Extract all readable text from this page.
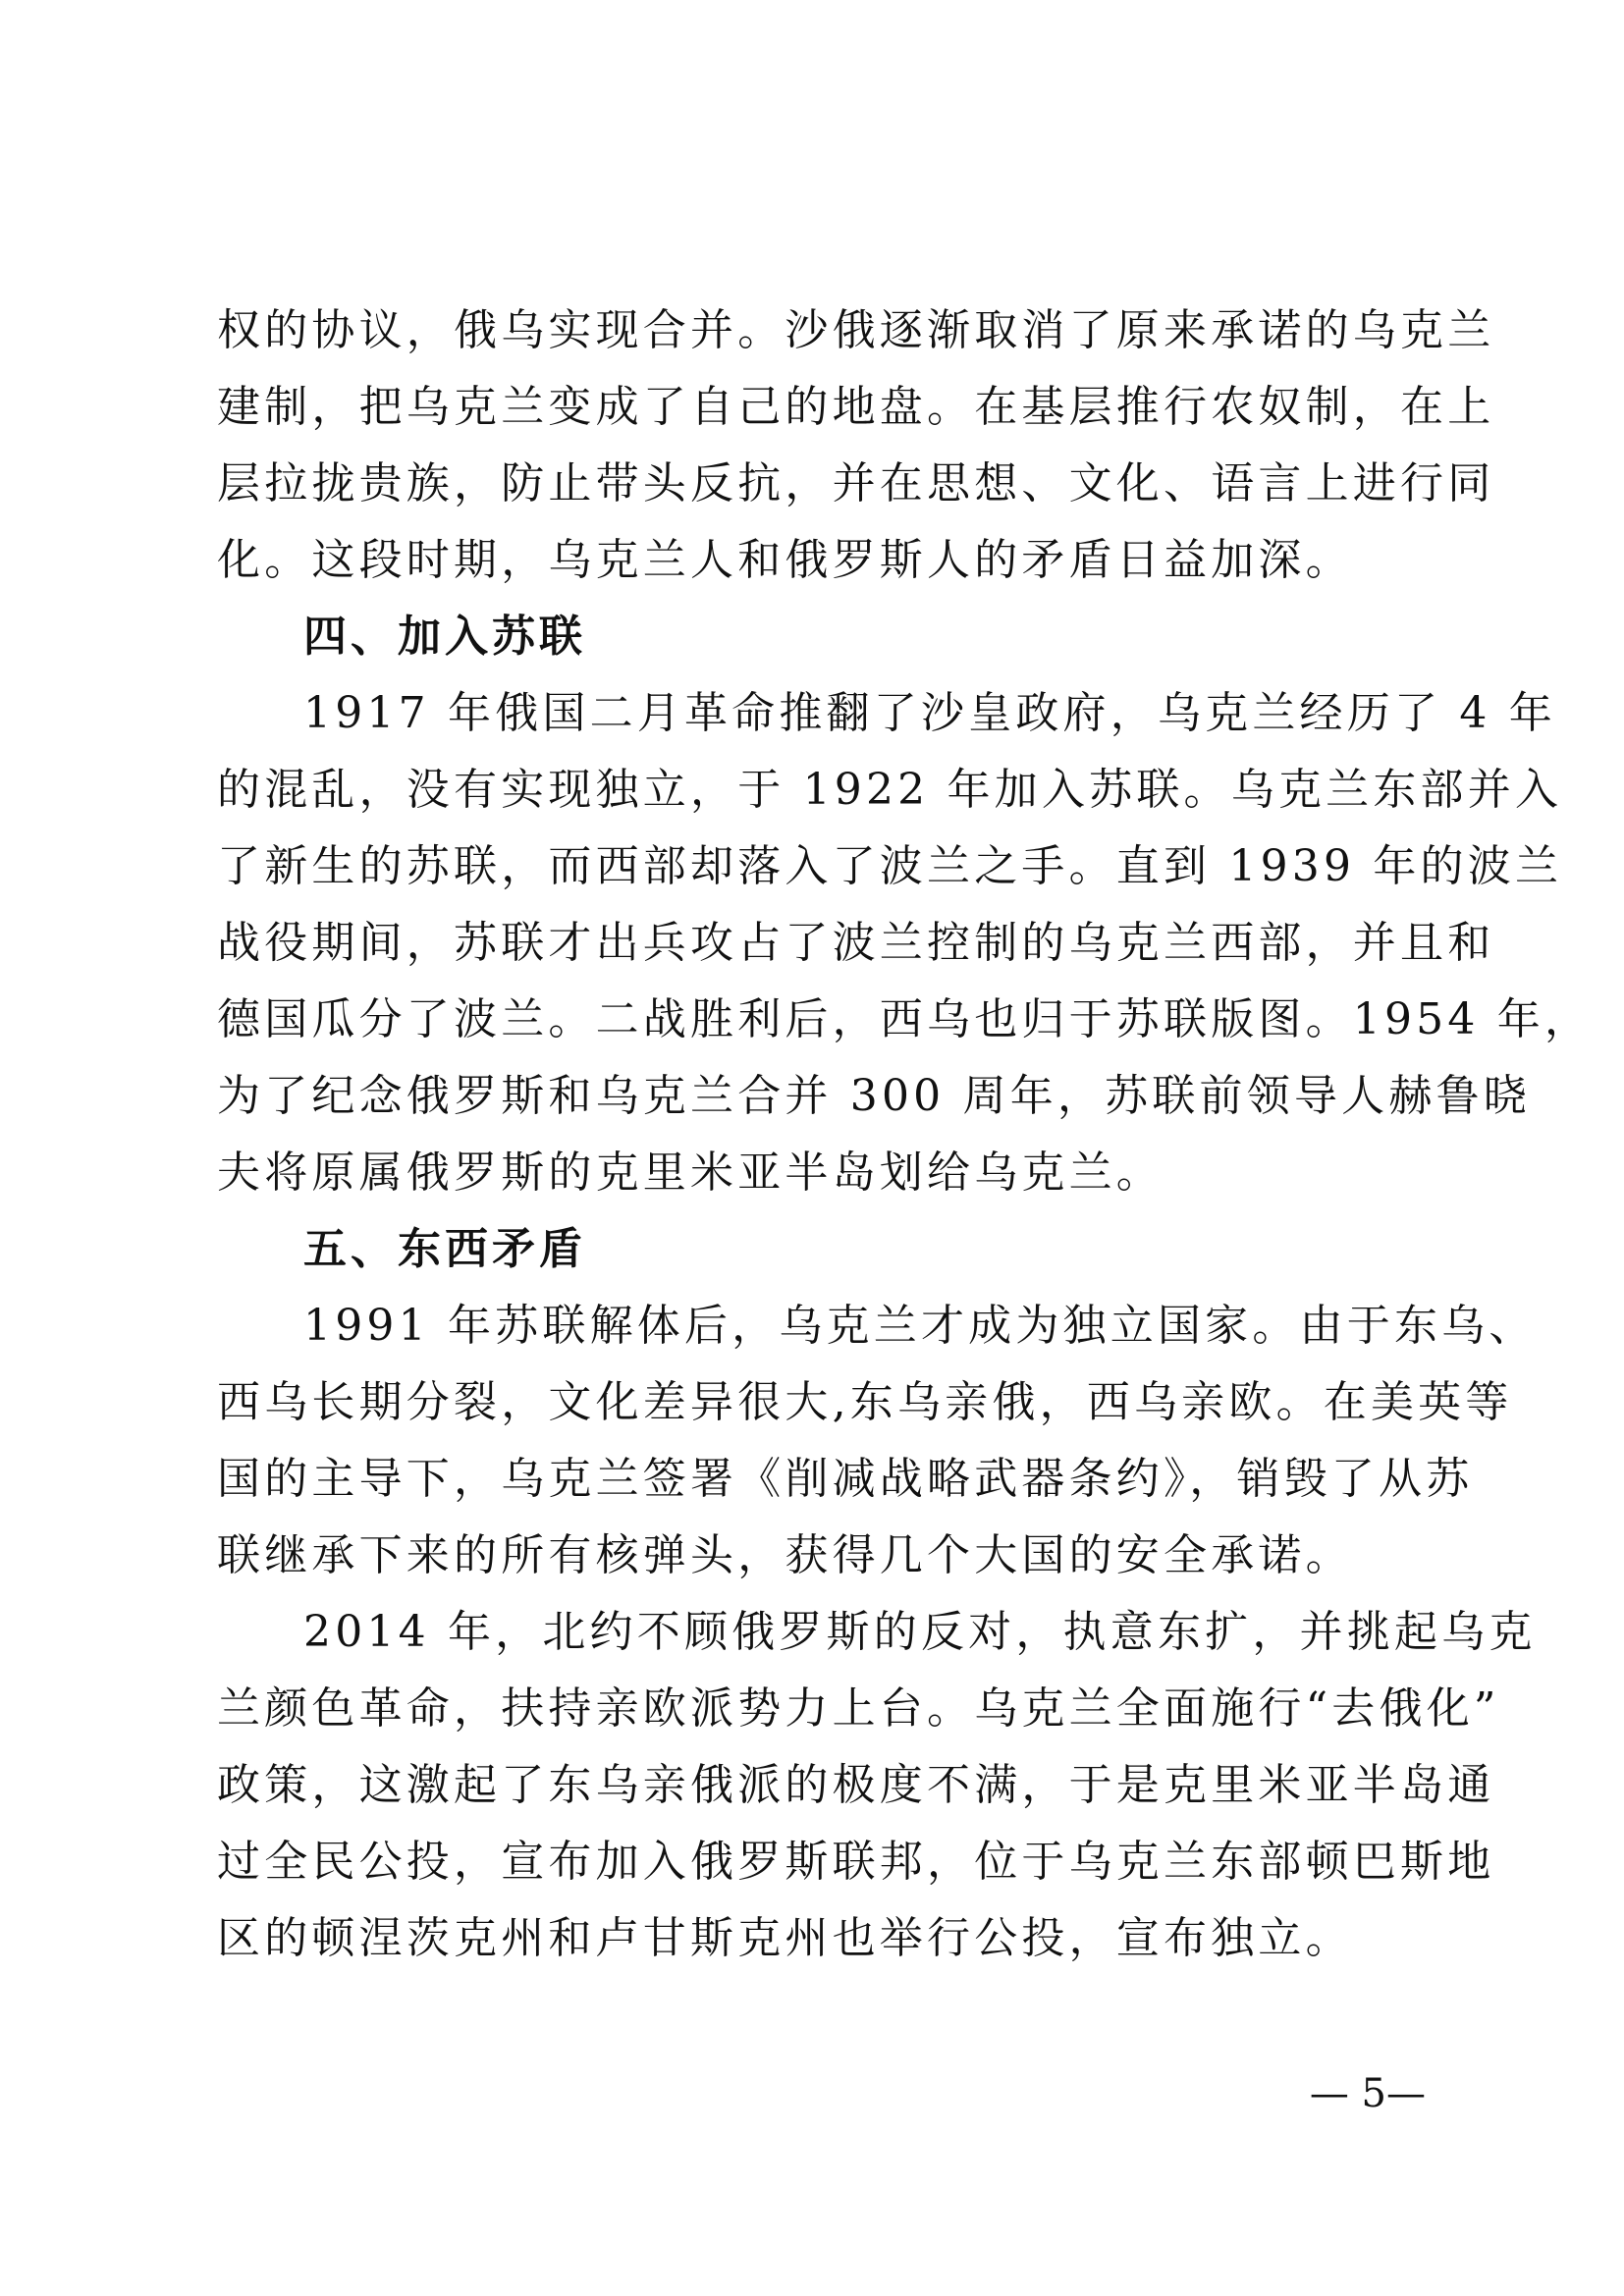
权的协议，俄乌实现合并。沙俄逐渐取消了原来承诺的乌克兰
建制，把乌克兰变成了自己的地盘。在基层推行农奴制，在上
层拉拢贵族，防止带头反抗，并在思想、文化、语言上进行同
化。这段时期，乌克兰人和俄罗斯人的矛盾日益加深。
四、加入苏联
1917 年俄国二月革命推翻了沙皇政府，乌克兰经历了 4 年
的混乱，没有实现独立，于 1922 年加入苏联。乌克兰东部并入
了新生的苏联，而西部却落入了波兰之手。直到 1939 年的波兰
战役期间，苏联才出兵攻占了波兰控制的乌克兰西部，并且和
德国瓜分了波兰。二战胜利后，西乌也归于苏联版图。1954 年，
为了纪念俄罗斯和乌克兰合并 300 周年，苏联前领导人赫鲁晓
夫将原属俄罗斯的克里米亚半岛划给乌克兰。
五、东西矛盾
1991 年苏联解体后，乌克兰才成为独立国家。由于东乌、
西乌长期分裂，文化差异很大,东乌亲俄，西乌亲欧。在美英等
国的主导下，乌克兰签署《削减战略武器条约》，销毁了从苏
联继承下来的所有核弹头，获得几个大国的安全承诺。
2014 年，北约不顾俄罗斯的反对，执意东扩，并挑起乌克
兰颜色革命，扶持亲欧派势力上台。乌克兰全面施行“去俄化”
政策，这激起了东乌亲俄派的极度不满，于是克里米亚半岛通
过全民公投，宣布加入俄罗斯联邦，位于乌克兰东部顿巴斯地
区的顿涅茨克州和卢甘斯克州也举行公投，宣布独立。
— 5—
